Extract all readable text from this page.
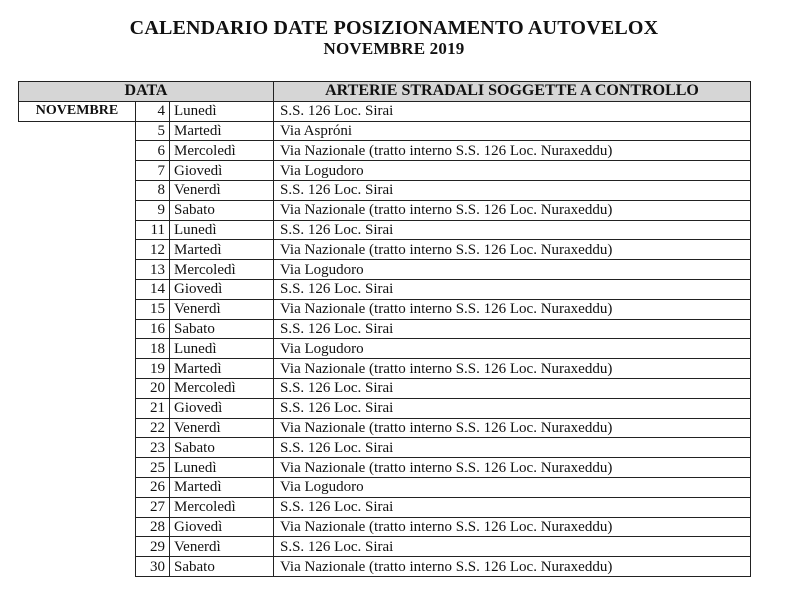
CALENDARIO DATE POSIZIONAMENTO AUTOVELOX
NOVEMBRE 2019
DATA			ARTERIE STRADALI SOGGETTE A CONTROLLO
NOVEMBRE	4	Lunedì	S.S. 126 Loc. Sirai
	5	Martedì	Via Aspróni
	6	Mercoledì	Via Nazionale (tratto interno S.S. 126 Loc. Nuraxeddu)
	7	Giovedì	Via Logudoro
	8	Venerdì	S.S. 126 Loc. Sirai
	9	Sabato	Via Nazionale (tratto interno S.S. 126 Loc. Nuraxeddu)
	11	Lunedì	S.S. 126 Loc. Sirai
	12	Martedì	Via Nazionale (tratto interno S.S. 126 Loc. Nuraxeddu)
	13	Mercoledì	Via Logudoro
	14	Giovedì	S.S. 126 Loc. Sirai
	15	Venerdì	Via Nazionale (tratto interno S.S. 126 Loc. Nuraxeddu)
	16	Sabato	S.S. 126 Loc. Sirai
	18	Lunedì	Via Logudoro
	19	Martedì	Via Nazionale (tratto interno S.S. 126 Loc. Nuraxeddu)
	20	Mercoledì	S.S. 126 Loc. Sirai
	21	Giovedì	S.S. 126 Loc. Sirai
	22	Venerdì	Via Nazionale (tratto interno S.S. 126 Loc. Nuraxeddu)
	23	Sabato	S.S. 126 Loc. Sirai
	25	Lunedì	Via Nazionale (tratto interno S.S. 126 Loc. Nuraxeddu)
	26	Martedì	Via Logudoro
	27	Mercoledì	S.S. 126 Loc. Sirai
	28	Giovedì	Via Nazionale (tratto interno S.S. 126 Loc. Nuraxeddu)
	29	Venerdì	S.S. 126 Loc. Sirai
	30	Sabato	Via Nazionale (tratto interno S.S. 126 Loc. Nuraxeddu)
